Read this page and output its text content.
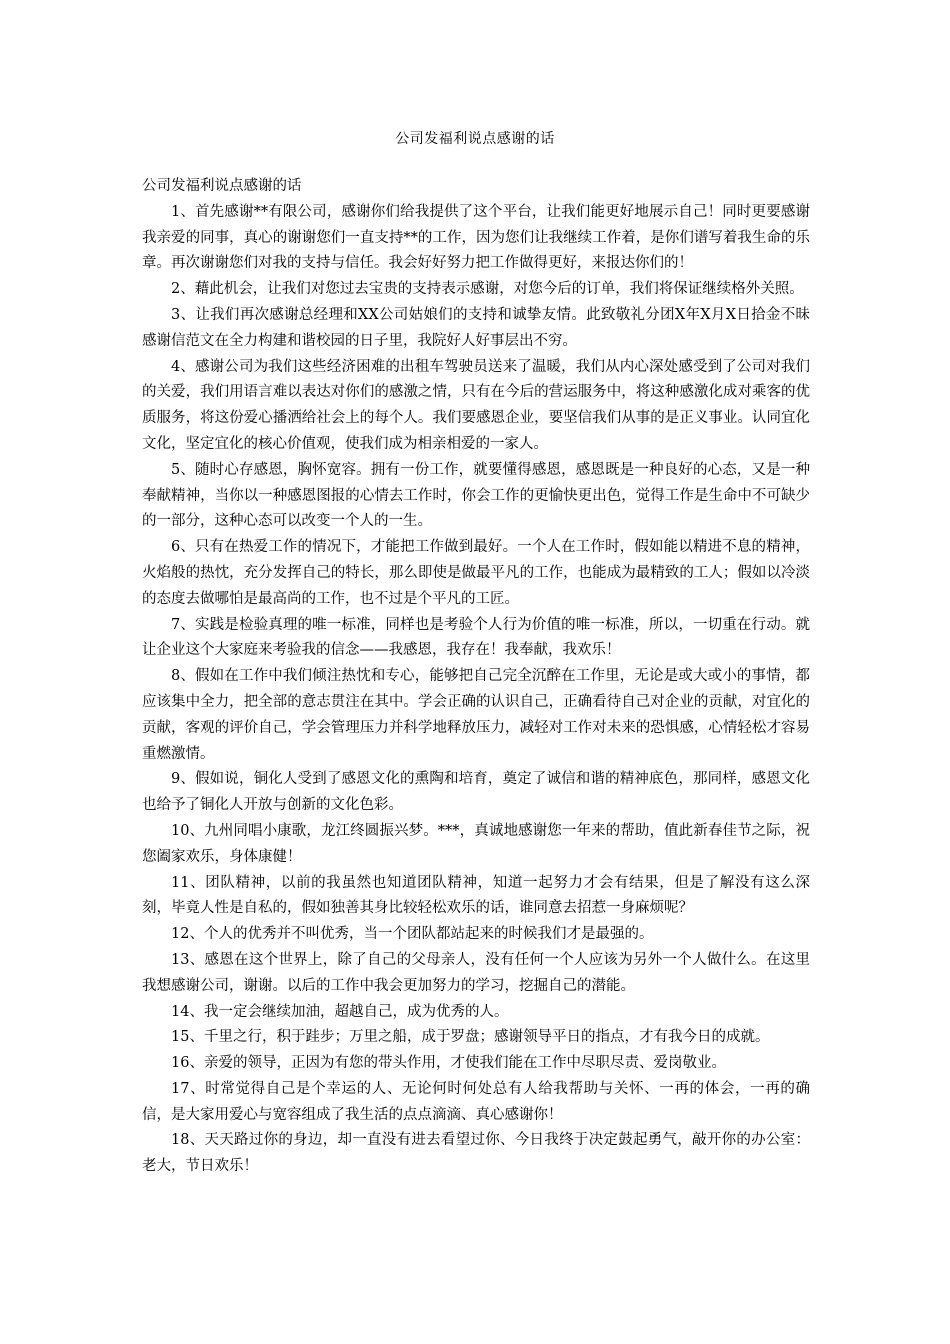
公司发福利说点感谢的话

公司发福利说点感谢的话

1、首先感谢**有限公司，感谢你们给我提供了这个平台，让我们能更好地展示自己！同时更要感谢我亲爱的同事，真心的谢谢您们一直支持**的工作，因为您们让我继续工作着，是你们谱写着我生命的乐章。再次谢谢您们对我的支持与信任。我会好好努力把工作做得更好，来报达你们的！

2、藉此机会，让我们对您过去宝贵的支持表示感谢，对您今后的订单，我们将保证继续格外关照。

3、让我们再次感谢总经理和XX公司姑娘们的支持和诚挚友情。此致敬礼分团X年X月X日拾金不昧感谢信范文在全力构建和谐校园的日子里，我院好人好事层出不穷。

4、感谢公司为我们这些经济困难的出租车驾驶员送来了温暖，我们从内心深处感受到了公司对我们的关爱，我们用语言难以表达对你们的感激之情，只有在今后的营运服务中，将这种感激化成对乘客的优质服务，将这份爱心播洒给社会上的每个人。我们要感恩企业，要坚信我们从事的是正义事业。认同宜化文化，坚定宜化的核心价值观，使我们成为相亲相爱的一家人。

5、随时心存感恩，胸怀宽容。拥有一份工作，就要懂得感恩，感恩既是一种良好的心态，又是一种奉献精神，当你以一种感恩图报的心情去工作时，你会工作的更愉快更出色，觉得工作是生命中不可缺少的一部分，这种心态可以改变一个人的一生。

6、只有在热爱工作的情况下，才能把工作做到最好。一个人在工作时，假如能以精进不息的精神，火焰般的热忱，充分发挥自己的特长，那么即使是做最平凡的工作，也能成为最精致的工人；假如以冷淡的态度去做哪怕是最高尚的工作，也不过是个平凡的工匠。

7、实践是检验真理的唯一标准，同样也是考验个人行为价值的唯一标准，所以，一切重在行动。就让企业这个大家庭来考验我的信念——我感恩，我存在！我奉献，我欢乐！

8、假如在工作中我们倾注热忱和专心，能够把自己完全沉醉在工作里，无论是或大或小的事情，都应该集中全力，把全部的意志贯注在其中。学会正确的认识自己，正确看待自己对企业的贡献，对宜化的贡献，客观的评价自己，学会管理压力并科学地释放压力，减轻对工作对未来的恐惧感，心情轻松才容易重燃激情。

9、假如说，铜化人受到了感恩文化的熏陶和培育，奠定了诚信和谐的精神底色，那同样，感恩文化也给予了铜化人开放与创新的文化色彩。

10、九州同唱小康歌，龙江终圆振兴梦。***，真诚地感谢您一年来的帮助，值此新春佳节之际，祝您阖家欢乐，身体康健！

11、团队精神，以前的我虽然也知道团队精神，知道一起努力才会有结果，但是了解没有这么深刻，毕竟人性是自私的，假如独善其身比较轻松欢乐的话，谁同意去招惹一身麻烦呢？

12、个人的优秀并不叫优秀，当一个团队都站起来的时候我们才是最强的。

13、感恩在这个世界上，除了自己的父母亲人，没有任何一个人应该为另外一个人做什么。在这里我想感谢公司，谢谢。以后的工作中我会更加努力的学习，挖掘自己的潜能。

14、我一定会继续加油，超越自己，成为优秀的人。

15、千里之行，积于跬步；万里之船，成于罗盘；感谢领导平日的指点，才有我今日的成就。

16、亲爱的领导，正因为有您的带头作用，才使我们能在工作中尽职尽责、爱岗敬业。

17、时常觉得自己是个幸运的人、无论何时何处总有人给我帮助与关怀、一再的体会，一再的确信，是大家用爱心与宽容组成了我生活的点点滴滴、真心感谢你！

18、天天路过你的身边，却一直没有进去看望过你、今日我终于决定鼓起勇气，敲开你的办公室：老大，节日欢乐！
